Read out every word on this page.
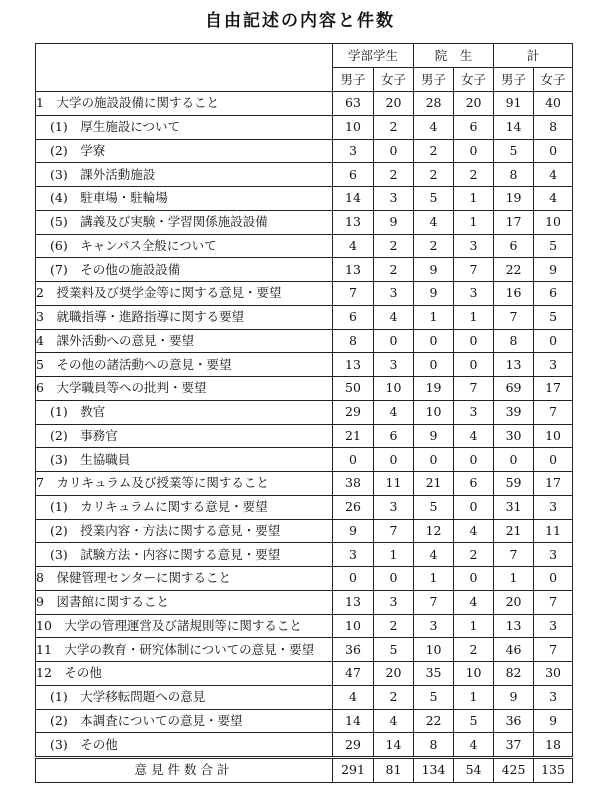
自由記述の内容と件数
	学部学生		院　生		計	
	男子	女子	男子	女子	男子	女子
1　大学の施設設備に関すること	63	20	28	20	91	40
(1)　厚生施設について	10	2	4	6	14	8
(2)　学寮	3	0	2	0	5	0
(3)　課外活動施設	6	2	2	2	8	4
(4)　駐車場・駐輪場	14	3	5	1	19	4
(5)　講義及び実験・学習関係施設設備	13	9	4	1	17	10
(6)　キャンパス全般について	4	2	2	3	6	5
(7)　その他の施設設備	13	2	9	7	22	9
2　授業料及び奨学金等に関する意見・要望	7	3	9	3	16	6
3　就職指導・進路指導に関する要望	6	4	1	1	7	5
4　課外活動への意見・要望	8	0	0	0	8	0
5　その他の諸活動への意見・要望	13	3	0	0	13	3
6　大学職員等への批判・要望	50	10	19	7	69	17
(1)　教官	29	4	10	3	39	7
(2)　事務官	21	6	9	4	30	10
(3)　生協職員	0	0	0	0	0	0
7　カリキュラム及び授業等に関すること	38	11	21	6	59	17
(1)　カリキュラムに関する意見・要望	26	3	5	0	31	3
(2)　授業内容・方法に関する意見・要望	9	7	12	4	21	11
(3)　試験方法・内容に関する意見・要望	3	1	4	2	7	3
8　保健管理センターに関すること	0	0	1	0	1	0
9　図書館に関すること	13	3	7	4	20	7
10　大学の管理運営及び諸規則等に関すること	10	2	3	1	13	3
11　大学の教育・研究体制についての意見・要望	36	5	10	2	46	7
12　その他	47	20	35	10	82	30
(1)　大学移転問題への意見	4	2	5	1	9	3
(2)　本調査についての意見・要望	14	4	22	5	36	9
(3)　その他	29	14	8	4	37	18
意見件数合計	291	81	134	54	425	135
